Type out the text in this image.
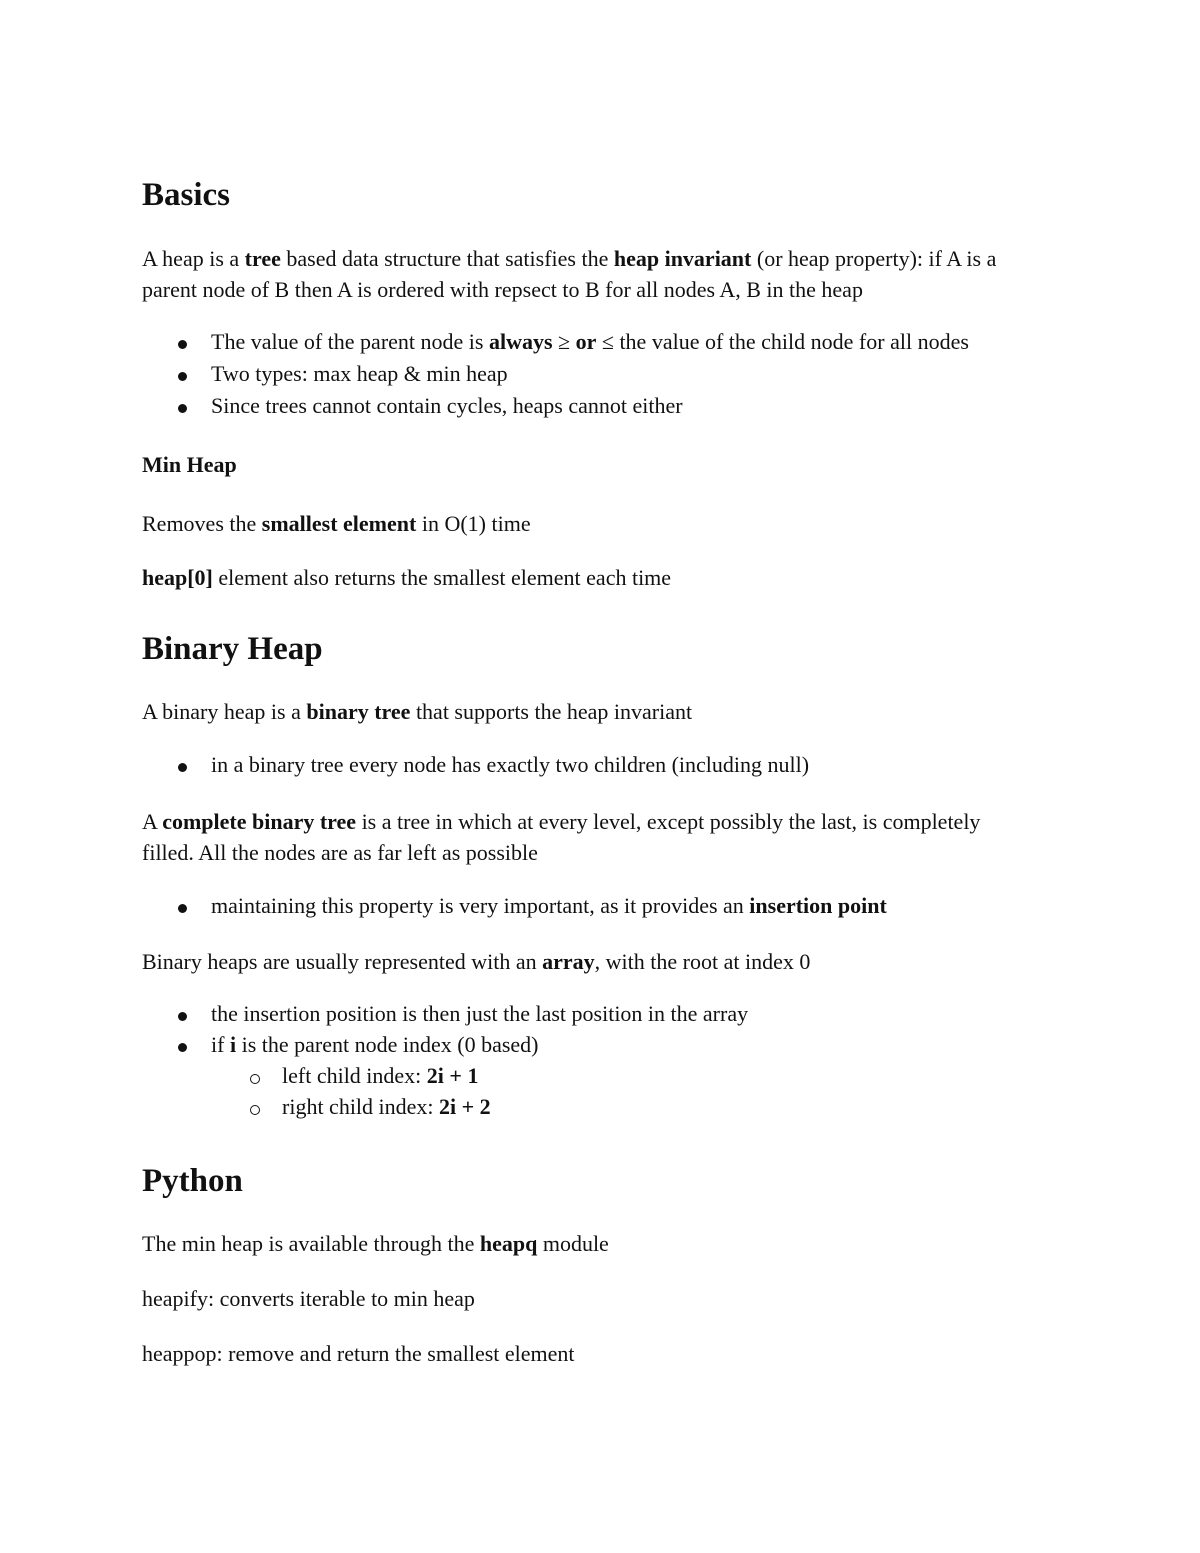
Basics
A heap is a tree based data structure that satisfies the heap invariant (or heap property): if A is a
parent node of B then A is ordered with repsect to B for all nodes A, B in the heap
The value of the parent node is always ≥ or ≤ the value of the child node for all nodes
Two types: max heap & min heap
Since trees cannot contain cycles, heaps cannot either
Min Heap
Removes the smallest element in O(1) time
heap[0] element also returns the smallest element each time
Binary Heap
A binary heap is a binary tree that supports the heap invariant
in a binary tree every node has exactly two children (including null)
A complete binary tree is a tree in which at every level, except possibly the last, is completely
filled. All the nodes are as far left as possible
maintaining this property is very important, as it provides an insertion point
Binary heaps are usually represented with an array, with the root at index 0
the insertion position is then just the last position in the array
if i is the parent node index (0 based)
left child index: 2i + 1
right child index: 2i + 2
Python
The min heap is available through the heapq module
heapify: converts iterable to min heap
heappop: remove and return the smallest element
